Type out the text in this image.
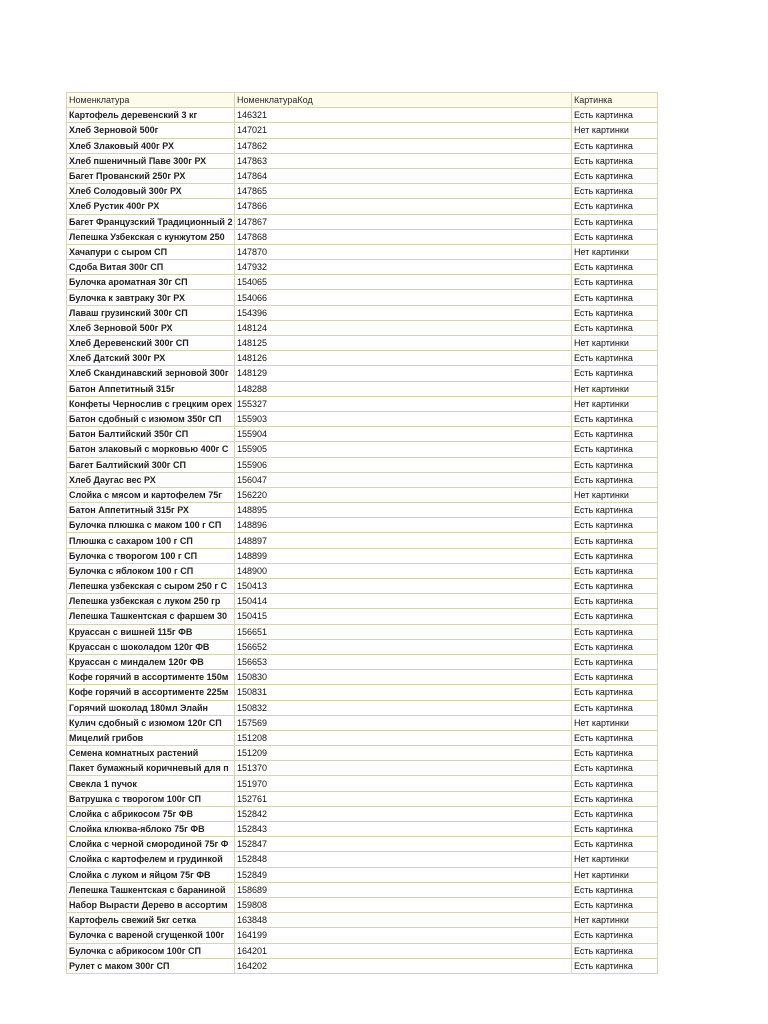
Номенклатура	НоменклатураКод	Картинка
Картофель деревенский 3 кг	146321	Есть картинка
Хлеб Зерновой 500г	147021	Нет картинки
Хлеб Злаковый 400г РХ	147862	Есть картинка
Хлеб пшеничный Паве 300г РХ	147863	Есть картинка
Багет Прованский 250г РХ	147864	Есть картинка
Хлеб Солодовый 300г РХ	147865	Есть картинка
Хлеб Рустик 400г РХ	147866	Есть картинка
Багет Французский Традиционный 2	147867	Есть картинка
Лепешка Узбекская с кунжутом 250	147868	Есть картинка
Хачапури с сыром СП	147870	Нет картинки
Сдоба Витая 300г СП	147932	Есть картинка
Булочка ароматная 30г СП	154065	Есть картинка
Булочка к завтраку 30г РХ	154066	Есть картинка
Лаваш грузинский 300г СП	154396	Есть картинка
Хлеб Зерновой 500г РХ	148124	Есть картинка
Хлеб Деревенский 300г СП	148125	Нет картинки
Хлеб Датский 300г РХ	148126	Есть картинка
Хлеб Скандинавский зерновой 300г	148129	Есть картинка
Батон Аппетитный 315г	148288	Нет картинки
Конфеты Чернослив с грецким орех	155327	Нет картинки
Батон сдобный с изюмом 350г СП	155903	Есть картинка
Батон Балтийский 350г СП	155904	Есть картинка
Батон злаковый с морковью 400г С	155905	Есть картинка
Багет Балтийский 300г СП	155906	Есть картинка
Хлеб Даугас вес РХ	156047	Есть картинка
Слойка с мясом и картофелем 75г	156220	Нет картинки
Батон Аппетитный 315г РХ	148895	Есть картинка
Булочка плюшка с маком 100 г СП	148896	Есть картинка
Плюшка с сахаром 100 г СП	148897	Есть картинка
Булочка с творогом 100 г СП	148899	Есть картинка
Булочка с яблоком 100 г СП	148900	Есть картинка
Лепешка узбекская с сыром 250 г С	150413	Есть картинка
Лепешка узбекская с луком 250 гр	150414	Есть картинка
Лепешка Ташкентская с фаршем 30	150415	Есть картинка
Круассан с вишней 115г ФВ	156651	Есть картинка
Круассан с шоколадом 120г ФВ	156652	Есть картинка
Круассан с миндалем 120г ФВ	156653	Есть картинка
Кофе горячий в ассортименте 150м	150830	Есть картинка
Кофе горячий в ассортименте 225м	150831	Есть картинка
Горячий шоколад 180мл Элайн	150832	Есть картинка
Кулич сдобный с изюмом 120г СП	157569	Нет картинки
Мицелий грибов	151208	Есть картинка
Семена комнатных растений	151209	Есть картинка
Пакет бумажный коричневый для п	151370	Есть картинка
Свекла 1 пучок	151970	Есть картинка
Ватрушка с творогом 100г СП	152761	Есть картинка
Слойка с абрикосом 75г ФВ	152842	Есть картинка
Слойка клюква-яблоко 75г ФВ	152843	Есть картинка
Слойка с черной смородиной 75г Ф	152847	Есть картинка
Слойка с картофелем и грудинкой	152848	Нет картинки
Слойка с луком и яйцом 75г ФВ	152849	Нет картинки
Лепешка Ташкентская с бараниной	158689	Есть картинка
Набор Вырасти Дерево в ассортим	159808	Есть картинка
Картофель свежий 5кг сетка	163848	Нет картинки
Булочка с вареной сгущенкой 100г	164199	Есть картинка
Булочка с абрикосом 100г СП	164201	Есть картинка
Рулет с маком 300г СП	164202	Есть картинка
